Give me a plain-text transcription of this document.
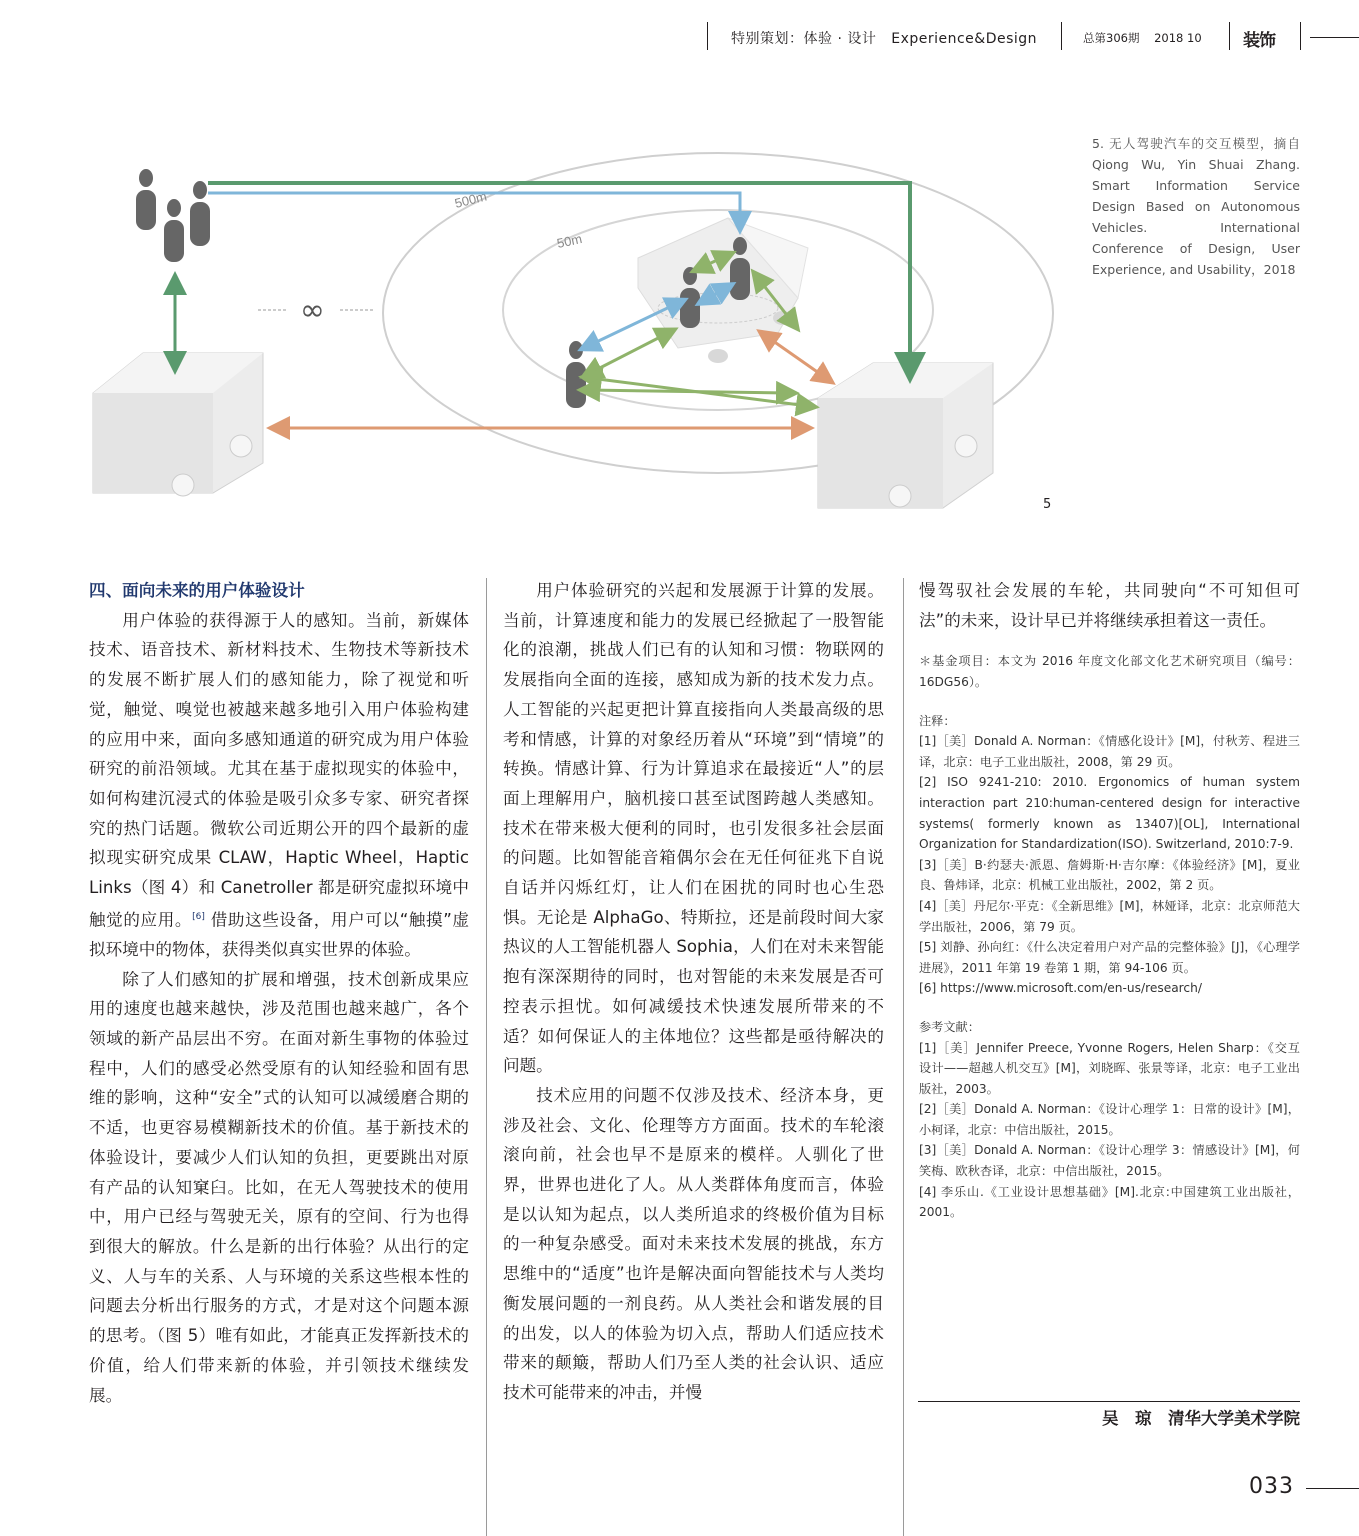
特别策划：体验 · 设计 Experience&Design	总第306期 2018 10 装饰
500m
50m
∞
5
5. 无人驾驶汽车的交互模型，摘自 Qiong Wu, Yin Shuai Zhang. Smart Information Service Design Based on Autonomous Vehicles. International Conference of Design, User Experience, and Usability，2018

四、面向未来的用户体验设计

用户体验的获得源于人的感知。当前，新媒体技术、语音技术、新材料技术、生物技术等新技术的发展不断扩展人们的感知能力，除了视觉和听觉，触觉、嗅觉也被越来越多地引入用户体验构建的应用中来，面向多感知通道的研究成为用户体验研究的前沿领域。尤其在基于虚拟现实的体验中，如何构建沉浸式的体验是吸引众多专家、研究者探究的热门话题。微软公司近期公开的四个最新的虚拟现实研究成果 CLAW，Haptic Wheel，Haptic Links（图 4）和 Canetroller 都是研究虚拟环境中触觉的应用。[6] 借助这些设备，用户可以“触摸”虚拟环境中的物体，获得类似真实世界的体验。

除了人们感知的扩展和增强，技术创新成果应用的速度也越来越快，涉及范围也越来越广，各个领域的新产品层出不穷。在面对新生事物的体验过程中，人们的感受必然受原有的认知经验和固有思维的影响，这种“安全”式的认知可以减缓磨合期的不适，也更容易模糊新技术的价值。基于新技术的体验设计，要减少人们认知的负担，更要跳出对原有产品的认知窠臼。比如，在无人驾驶技术的使用中，用户已经与驾驶无关，原有的空间、行为也得到很大的解放。什么是新的出行体验？从出行的定义、人与车的关系、人与环境的关系这些根本性的问题去分析出行服务的方式，才是对这个问题本源的思考。（图 5）唯有如此，才能真正发挥新技术的价值，给人们带来新的体验，并引领技术继续发展。

用户体验研究的兴起和发展源于计算的发展。当前，计算速度和能力的发展已经掀起了一股智能化的浪潮，挑战人们已有的认知和习惯：物联网的发展指向全面的连接，感知成为新的技术发力点。人工智能的兴起更把计算直接指向人类最高级的思考和情感，计算的对象经历着从“环境”到“情境”的转换。情感计算、行为计算追求在最接近“人”的层面上理解用户，脑机接口甚至试图跨越人类感知。技术在带来极大便利的同时，也引发很多社会层面的问题。比如智能音箱偶尔会在无任何征兆下自说自话并闪烁红灯，让人们在困扰的同时也心生恐惧。无论是 AlphaGo、特斯拉，还是前段时间大家热议的人工智能机器人 Sophia，人们在对未来智能抱有深深期待的同时，也对智能的未来发展是否可控表示担忧。如何减缓技术快速发展所带来的不适？如何保证人的主体地位？这些都是亟待解决的问题。

技术应用的问题不仅涉及技术、经济本身，更涉及社会、文化、伦理等方方面面。技术的车轮滚滚向前，社会也早不是原来的模样。人驯化了世界，世界也进化了人。从人类群体角度而言，体验是以认知为起点，以人类所追求的终极价值为目标的一种复杂感受。面对未来技术发展的挑战，东方思维中的“适度”也许是解决面向智能技术与人类均衡发展问题的一剂良药。从人类社会和谐发展的目的出发，以人的体验为切入点，帮助人们适应技术带来的颠簸，帮助人们乃至人类的社会认识、适应技术可能带来的冲击，并慢

慢驾驭社会发展的车轮，共同驶向“不可知但可法”的未来，设计早已并将继续承担着这一责任。

＊基金项目：本文为 2016 年度文化部文化艺术研究项目（编号：16DG56）。

注释：

[1]［美］Donald A. Norman：《情感化设计》[M]，付秋芳、程进三译，北京：电子工业出版社，2008，第 29 页。

[2] ISO 9241-210: 2010. Ergonomics of human system interaction part 210:human-centered design for interactive systems( formerly known as 13407)[OL], International Organization for Standardization(ISO). Switzerland, 2010:7-9.

[3]［美］B·约瑟夫·派恩、詹姆斯·H·吉尔摩：《体验经济》[M]，夏业良、鲁炜译，北京：机械工业出版社，2002，第 2 页。

[4]［美］丹尼尔·平克：《全新思维》[M]，林娅译，北京：北京师范大学出版社，2006，第 79 页。

[5] 刘静、孙向红：《什么决定着用户对产品的完整体验》[J]，《心理学进展》，2011 年第 19 卷第 1 期，第 94-106 页。

[6] https://www.microsoft.com/en-us/research/

参考文献：

[1]［美］Jennifer Preece, Yvonne Rogers, Helen Sharp：《交互设计——超越人机交互》[M]，刘晓晖、张景等译，北京：电子工业出版社，2003。

[2]［美］Donald A. Norman：《设计心理学 1：日常的设计》[M]，小柯译，北京：中信出版社，2015。

[3]［美］Donald A. Norman：《设计心理学 3：情感设计》[M]，何笑梅、欧秋杏译，北京：中信出版社，2015。

[4] 李乐山.《工业设计思想基础》[M].北京:中国建筑工业出版社，2001。

吴　琼　清华大学美术学院
033
